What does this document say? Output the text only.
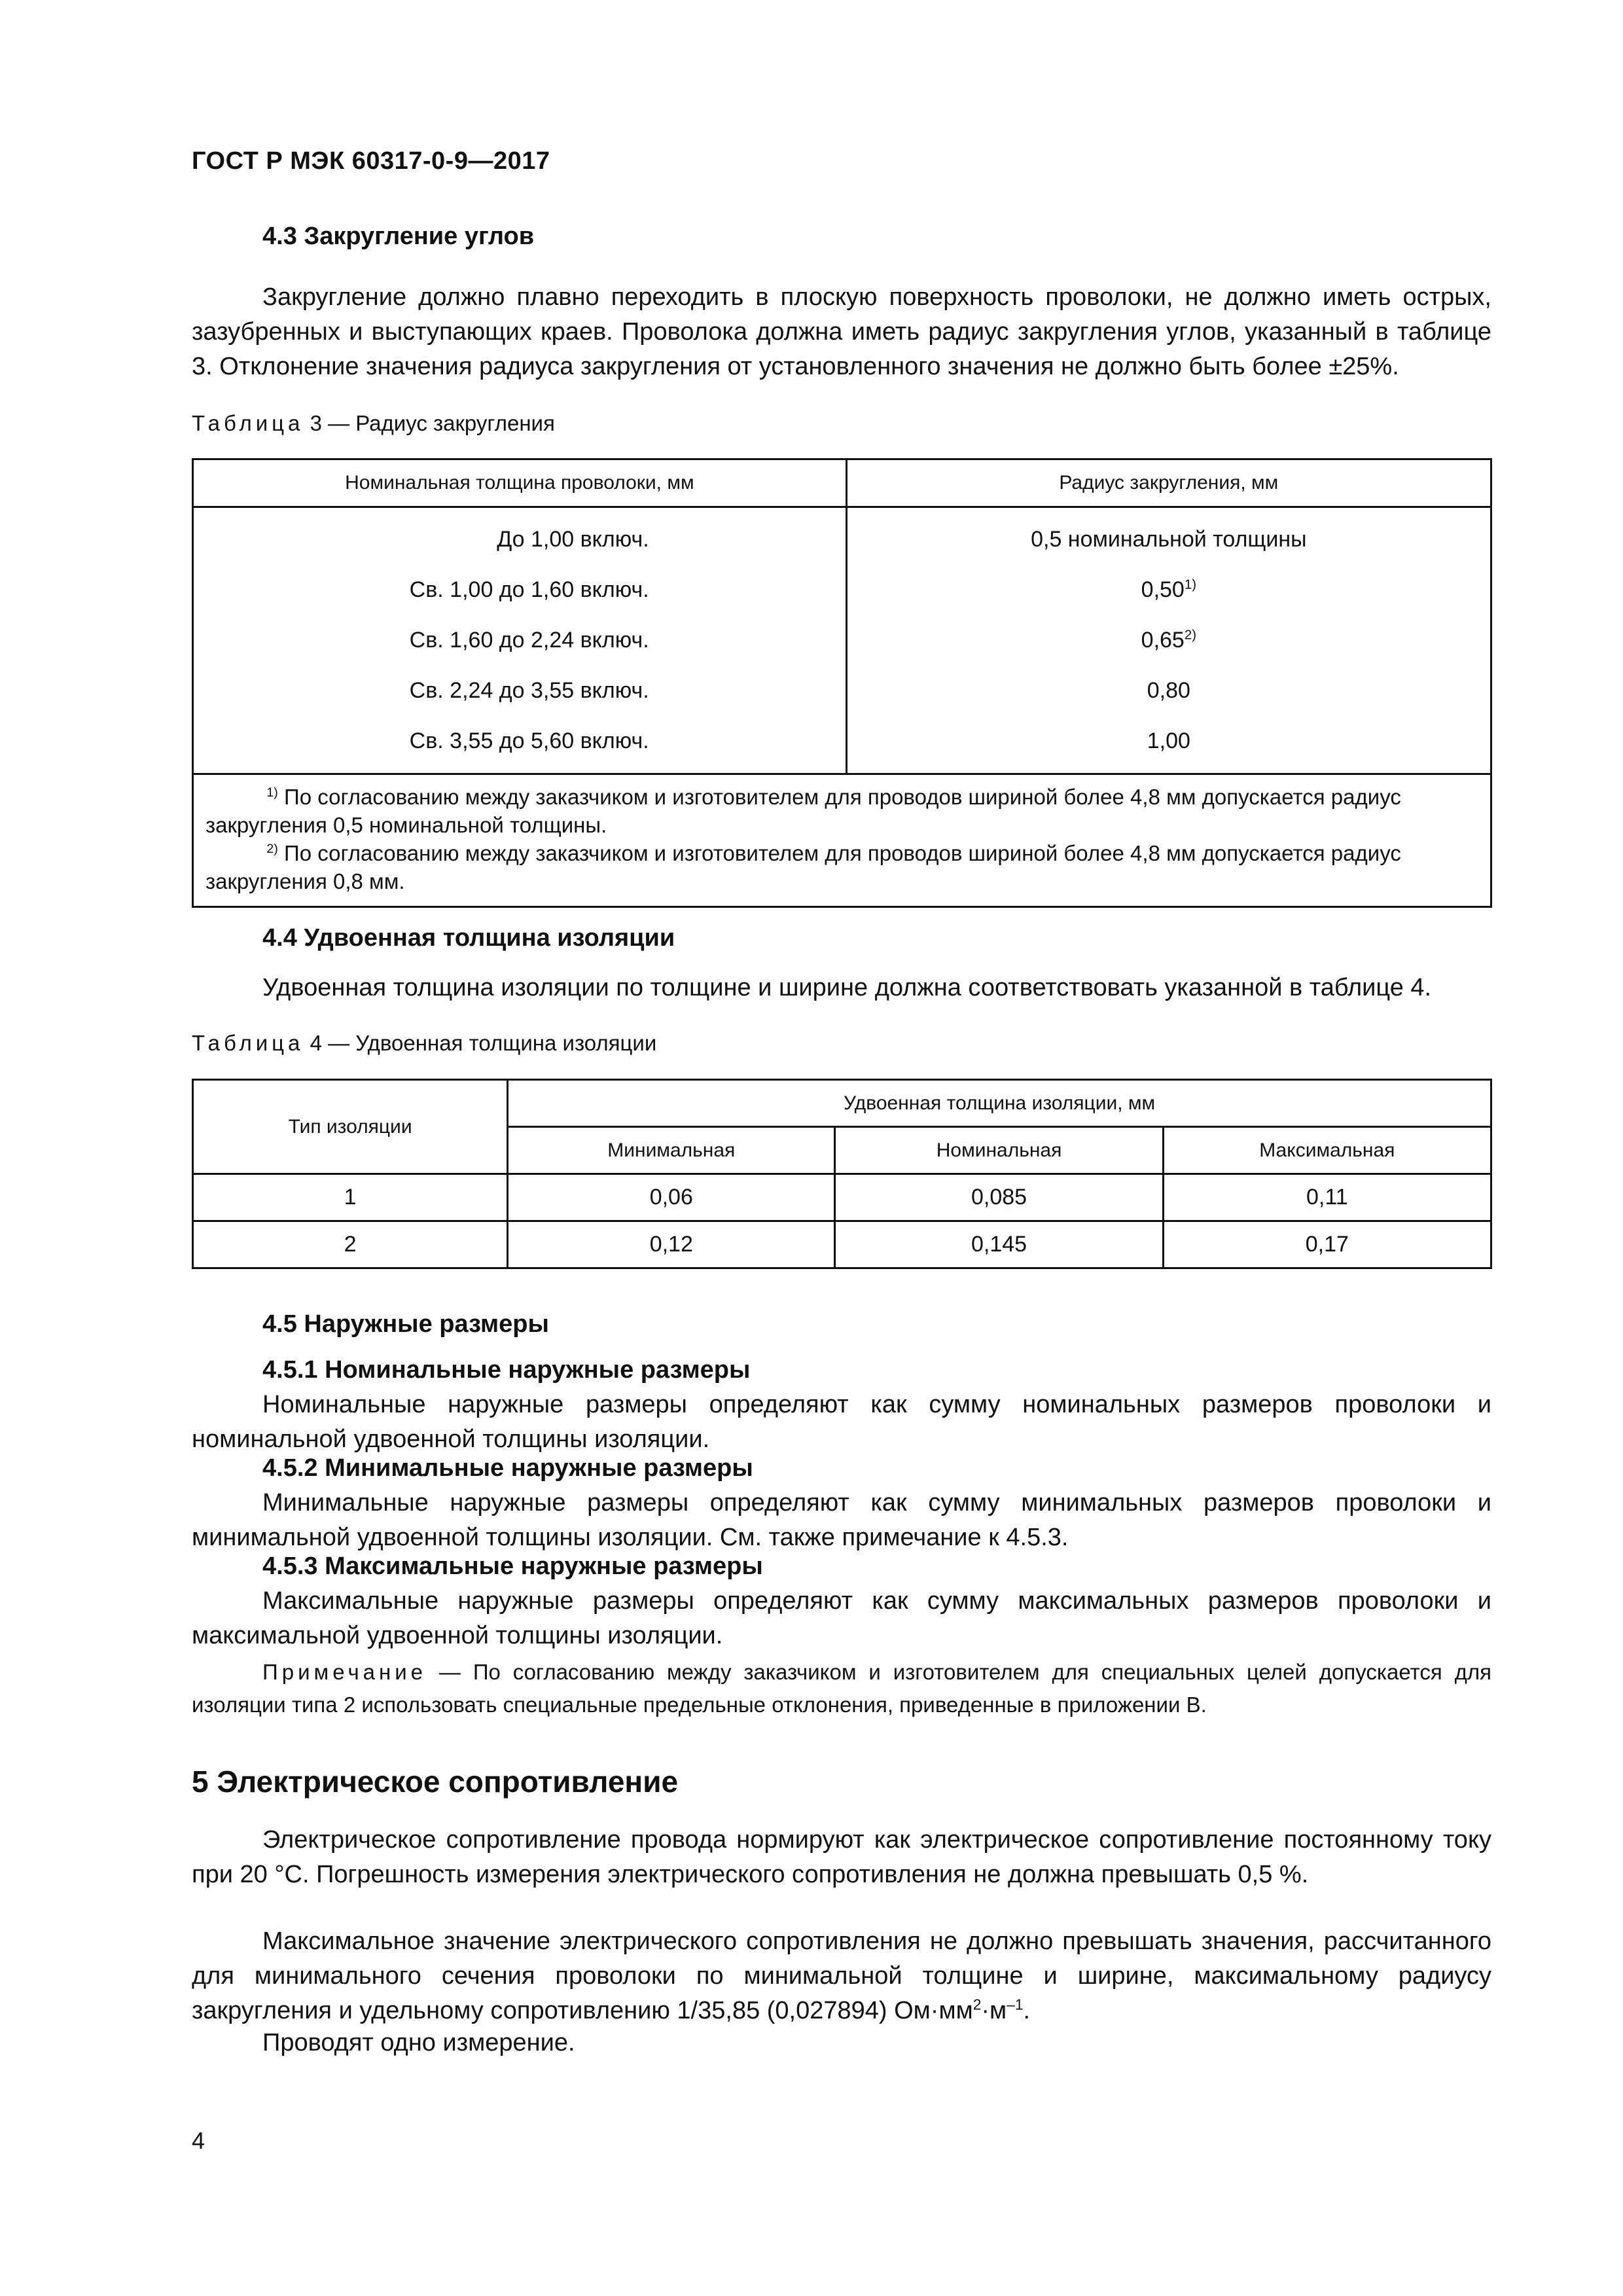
ГОСТ Р МЭК 60317-0-9—2017
4.3 Закругление углов
Закругление должно плавно переходить в плоскую поверхность проволоки, не должно иметь острых, зазубренных и выступающих краев. Проволока должна иметь радиус закругления углов, указанный в таблице 3. Отклонение значения радиуса закругления от установленного значения не должно быть более ±25%.
Таблица 3 — Радиус закругления
Номинальная толщина проволоки, мм	Радиус закругления, мм
До 1,00 включ.	0,5 номинальной толщины
Св. 1,00 до 1,60 включ.	0,50$^{1)}$
Св. 1,60 до 2,24 включ.	0,65$^{2)}$
Св. 2,24 до 3,55 включ.	0,80
Св. 3,55 до 5,60 включ.	1,00

$^{1)}$ По согласованию между заказчиком и изготовителем для проводов шириной более 4,8 мм допускается радиус закругления 0,5 номинальной толщины.

$^{2)}$ По согласованию между заказчиком и изготовителем для проводов шириной более 4,8 мм допускается радиус закругления 0,8 мм.	

4.4 Удвоенная толщина изоляции
Удвоенная толщина изоляции по толщине и ширине должна соответствовать указанной в таблице 4.
Таблица 4 — Удвоенная толщина изоляции
Тип изоляции	Удвоенная толщина изоляции, мм		
	Минимальная	Номинальная	Максимальная
1	0,06	0,085	0,11
2	0,12	0,145	0,17
4.5 Наружные размеры
4.5.1 Номинальные наружные размеры
Номинальные наружные размеры определяют как сумму номинальных размеров проволоки и номинальной удвоенной толщины изоляции.
4.5.2 Минимальные наружные размеры
Минимальные наружные размеры определяют как сумму минимальных размеров проволоки и минимальной удвоенной толщины изоляции. См. также примечание к 4.5.3.
4.5.3 Максимальные наружные размеры
Максимальные наружные размеры определяют как сумму максимальных размеров проволоки и максимальной удвоенной толщины изоляции.
Примечание — По согласованию между заказчиком и изготовителем для специальных целей допускается для изоляции типа 2 использовать специальные предельные отклонения, приведенные в приложении В.
5 Электрическое сопротивление
Электрическое сопротивление провода нормируют как электрическое сопротивление постоянному току при 20 °С. Погрешность измерения электрического сопротивления не должна превышать 0,5 %.
Максимальное значение электрического сопротивления не должно превышать значения, рассчитанного для минимального сечения проволоки по минимальной толщине и ширине, максимальному радиусу закругления и удельному сопротивлению 1/35,85 (0,027894) $Ом\cdot мм^2\cdot м^{-1}$.
Проводят одно измерение.
4
